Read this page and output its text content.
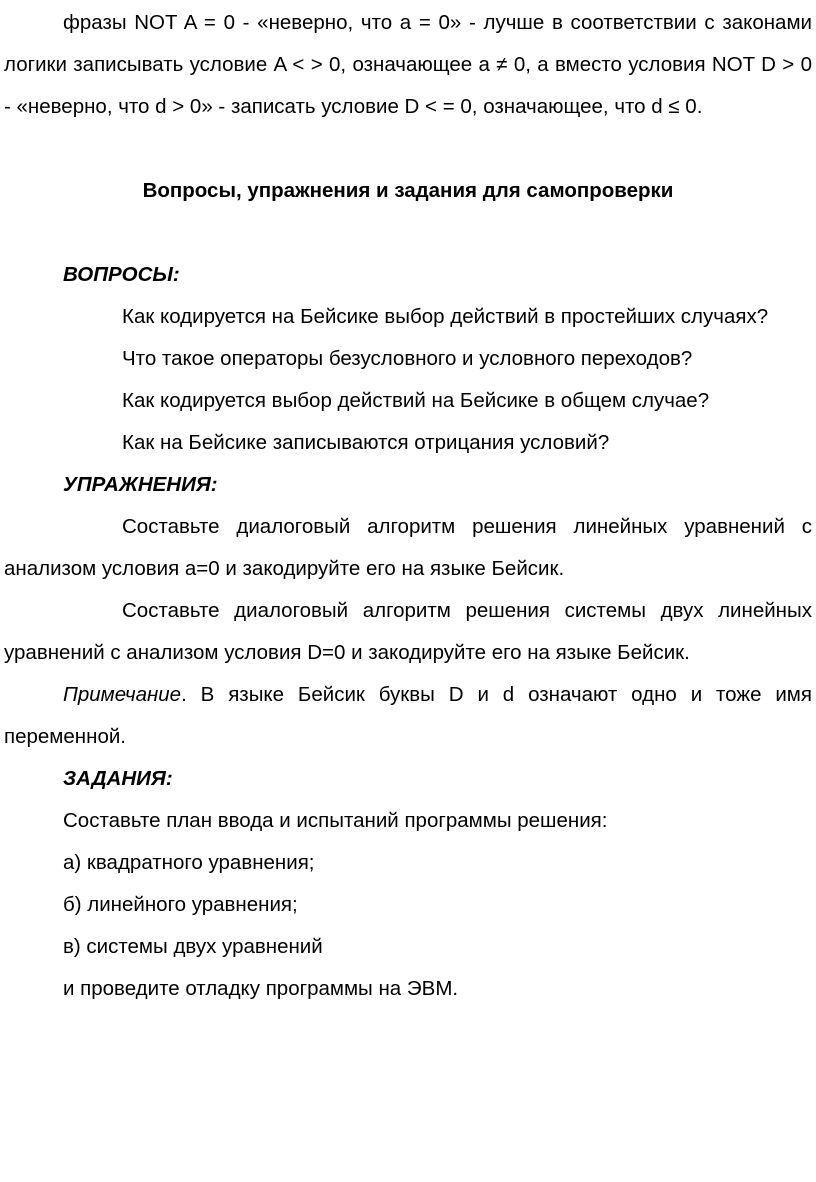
фразы NOT A = 0 - «неверно, что a = 0» - лучше в соответствии с законами логики записывать условие A < > 0, означающее a ≠ 0, а вместо условия NOT D > 0 - «неверно, что d > 0» - записать условие D < = 0, означающее, что d ≤ 0.

Вопросы, упражнения и задания для самопроверки

ВОПРОСЫ:

Как кодируется на Бейсике выбор действий в простейших случаях?

Что такое операторы безусловного и условного переходов?

Как кодируется выбор действий на Бейсике в общем случае?

Как на Бейсике записываются отрицания условий?

УПРАЖНЕНИЯ:

Составьте диалоговый алгоритм решения линейных уравнений с анализом условия a=0 и закодируйте его на языке Бейсик.

Составьте диалоговый алгоритм решения системы двух линейных уравнений с анализом условия D=0 и закодируйте его на языке Бейсик.

Примечание. В языке Бейсик буквы D и d означают одно и тоже имя переменной.

ЗАДАНИЯ:

Составьте план ввода и испытаний программы решения:

а) квадратного уравнения;

б) линейного уравнения;

в) системы двух уравнений

и проведите отладку программы на ЭВМ.
